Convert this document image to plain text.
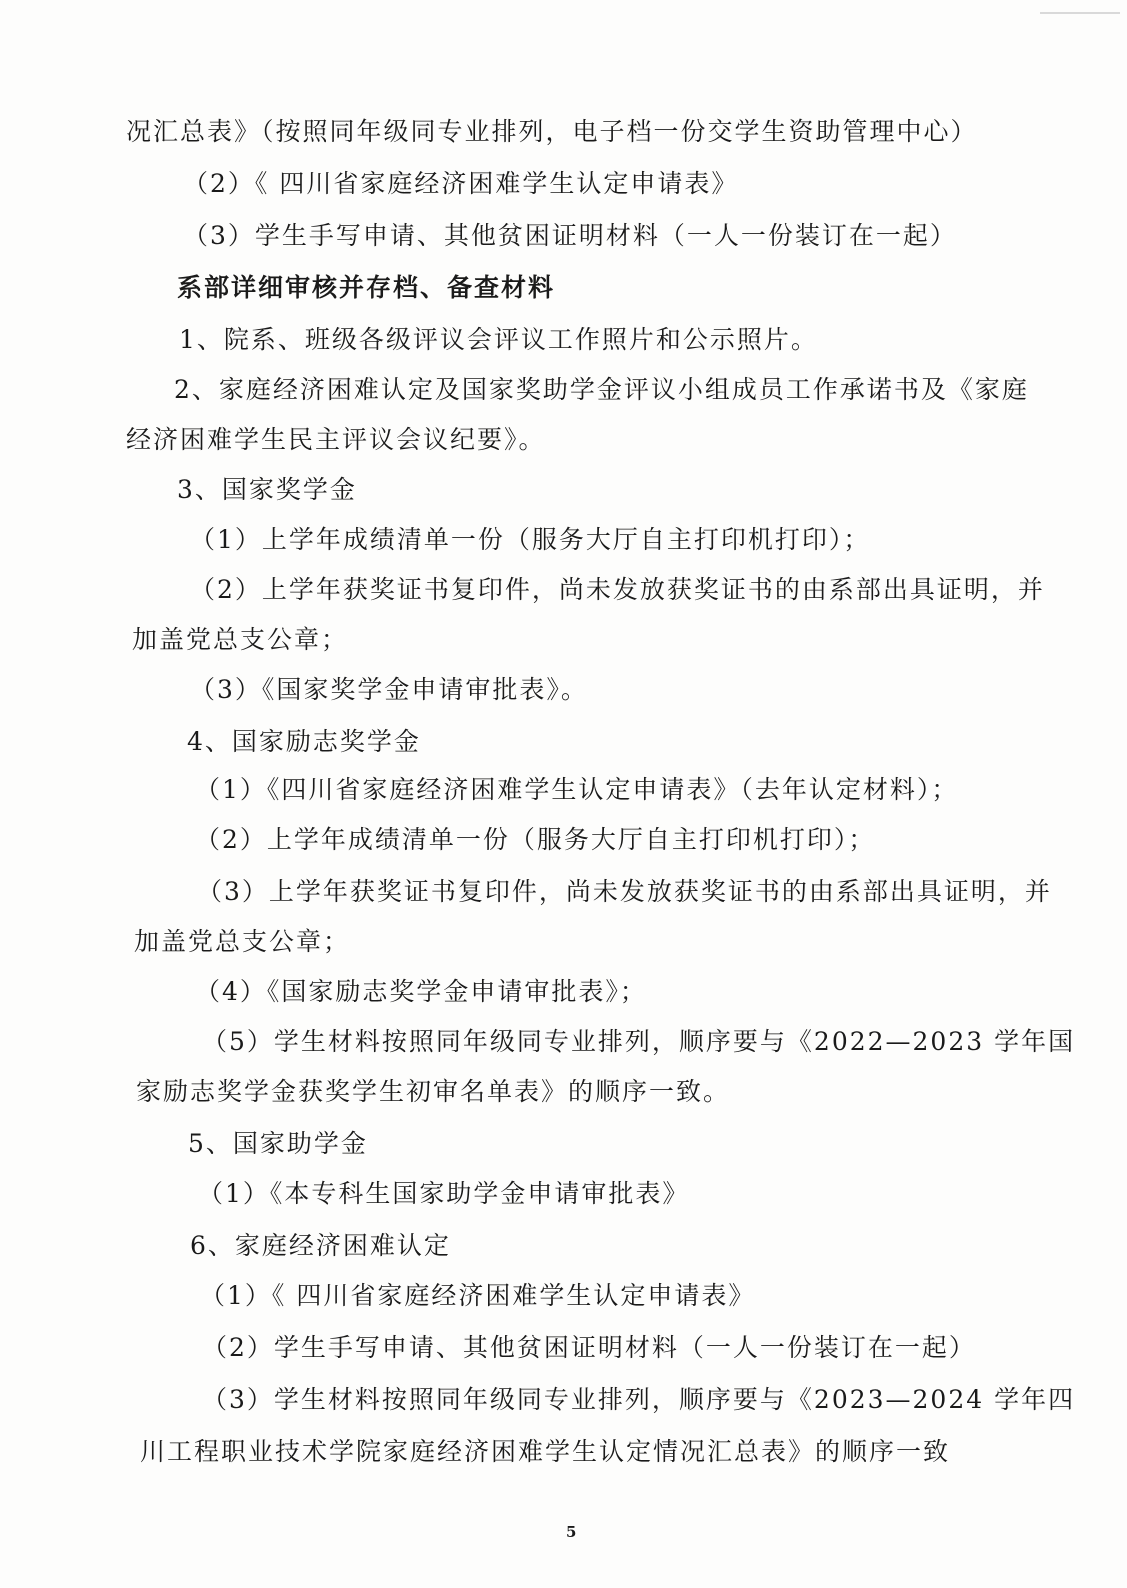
况汇总表》（按照同年级同专业排列，电子档一份交学生资助管理中心）
（2）《 四川省家庭经济困难学生认定申请表》
（3）学生手写申请、其他贫困证明材料（一人一份装订在一起）
系部详细审核并存档、备查材料
1、院系、班级各级评议会评议工作照片和公示照片。
2、家庭经济困难认定及国家奖助学金评议小组成员工作承诺书及《家庭
经济困难学生民主评议会议纪要》。
3、国家奖学金
（1）上学年成绩清单一份（服务大厅自主打印机打印）；
（2）上学年获奖证书复印件，尚未发放获奖证书的由系部出具证明，并
加盖党总支公章；
（3）《国家奖学金申请审批表》。
4、国家励志奖学金
（1）《四川省家庭经济困难学生认定申请表》（去年认定材料）；
（2）上学年成绩清单一份（服务大厅自主打印机打印）；
（3）上学年获奖证书复印件，尚未发放获奖证书的由系部出具证明，并
加盖党总支公章；
（4）《国家励志奖学金申请审批表》；
（5）学生材料按照同年级同专业排列，顺序要与《2022—2023 学年国
家励志奖学金获奖学生初审名单表》的顺序一致。
5、国家助学金
（1）《本专科生国家助学金申请审批表》
6、家庭经济困难认定
（1）《 四川省家庭经济困难学生认定申请表》
（2）学生手写申请、其他贫困证明材料（一人一份装订在一起）
（3）学生材料按照同年级同专业排列，顺序要与《2023—2024 学年四
川工程职业技术学院家庭经济困难学生认定情况汇总表》的顺序一致
5
